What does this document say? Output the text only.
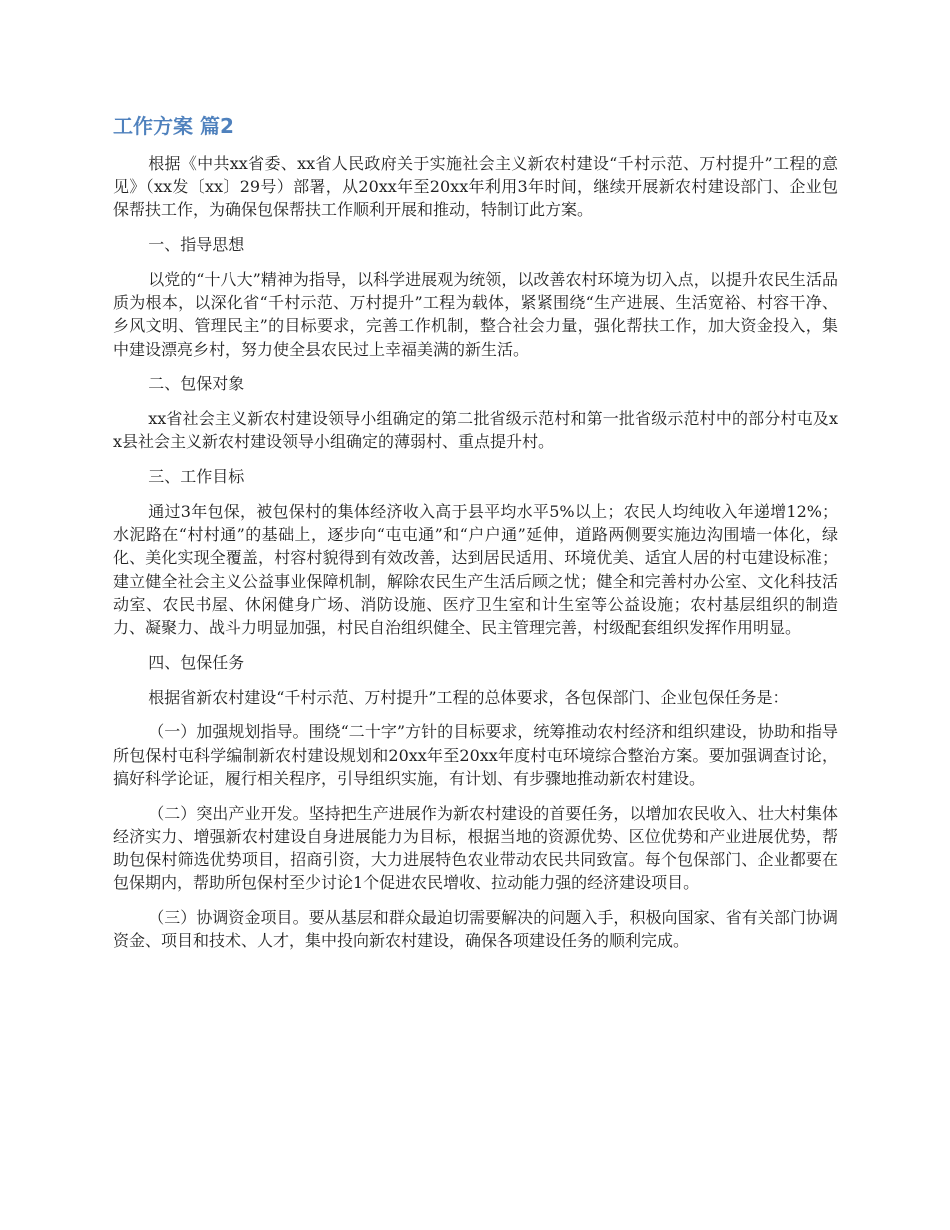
工作方案 篇2

根据《中共xx省委、xx省人民政府关于实施社会主义新农村建设“千村示范、万村提升”工程的意见》（xx发〔xx〕29号）部署，从20xx年至20xx年利用3年时间，继续开展新农村建设部门、企业包保帮扶工作，为确保包保帮扶工作顺利开展和推动，特制订此方案。

一、指导思想

以党的“十八大”精神为指导，以科学进展观为统领，以改善农村环境为切入点，以提升农民生活品质为根本，以深化省“千村示范、万村提升”工程为载体，紧紧围绕“生产进展、生活宽裕、村容干净、乡风文明、管理民主”的目标要求，完善工作机制，整合社会力量，强化帮扶工作，加大资金投入，集中建设漂亮乡村，努力使全县农民过上幸福美满的新生活。

二、包保对象

xx省社会主义新农村建设领导小组确定的第二批省级示范村和第一批省级示范村中的部分村屯及xx县社会主义新农村建设领导小组确定的薄弱村、重点提升村。

三、工作目标

通过3年包保，被包保村的集体经济收入高于县平均水平5%以上；农民人均纯收入年递增12%；水泥路在“村村通”的基础上，逐步向“屯屯通”和“户户通”延伸，道路两侧要实施边沟围墙一体化，绿化、美化实现全覆盖，村容村貌得到有效改善，达到居民适用、环境优美、适宜人居的村屯建设标准；建立健全社会主义公益事业保障机制，解除农民生产生活后顾之忧；健全和完善村办公室、文化科技活动室、农民书屋、休闲健身广场、消防设施、医疗卫生室和计生室等公益设施；农村基层组织的制造力、凝聚力、战斗力明显加强，村民自治组织健全、民主管理完善，村级配套组织发挥作用明显。

四、包保任务

根据省新农村建设“千村示范、万村提升”工程的总体要求，各包保部门、企业包保任务是：

（一）加强规划指导。围绕“二十字”方针的目标要求，统筹推动农村经济和组织建设，协助和指导所包保村屯科学编制新农村建设规划和20xx年至20xx年度村屯环境综合整治方案。要加强调查讨论，搞好科学论证，履行相关程序，引导组织实施，有计划、有步骤地推动新农村建设。

（二）突出产业开发。坚持把生产进展作为新农村建设的首要任务，以增加农民收入、壮大村集体经济实力、增强新农村建设自身进展能力为目标，根据当地的资源优势、区位优势和产业进展优势，帮助包保村筛选优势项目，招商引资，大力进展特色农业带动农民共同致富。每个包保部门、企业都要在包保期内，帮助所包保村至少讨论1个促进农民增收、拉动能力强的经济建设项目。

（三）协调资金项目。要从基层和群众最迫切需要解决的问题入手，积极向国家、省有关部门协调资金、项目和技术、人才，集中投向新农村建设，确保各项建设任务的顺利完成。
